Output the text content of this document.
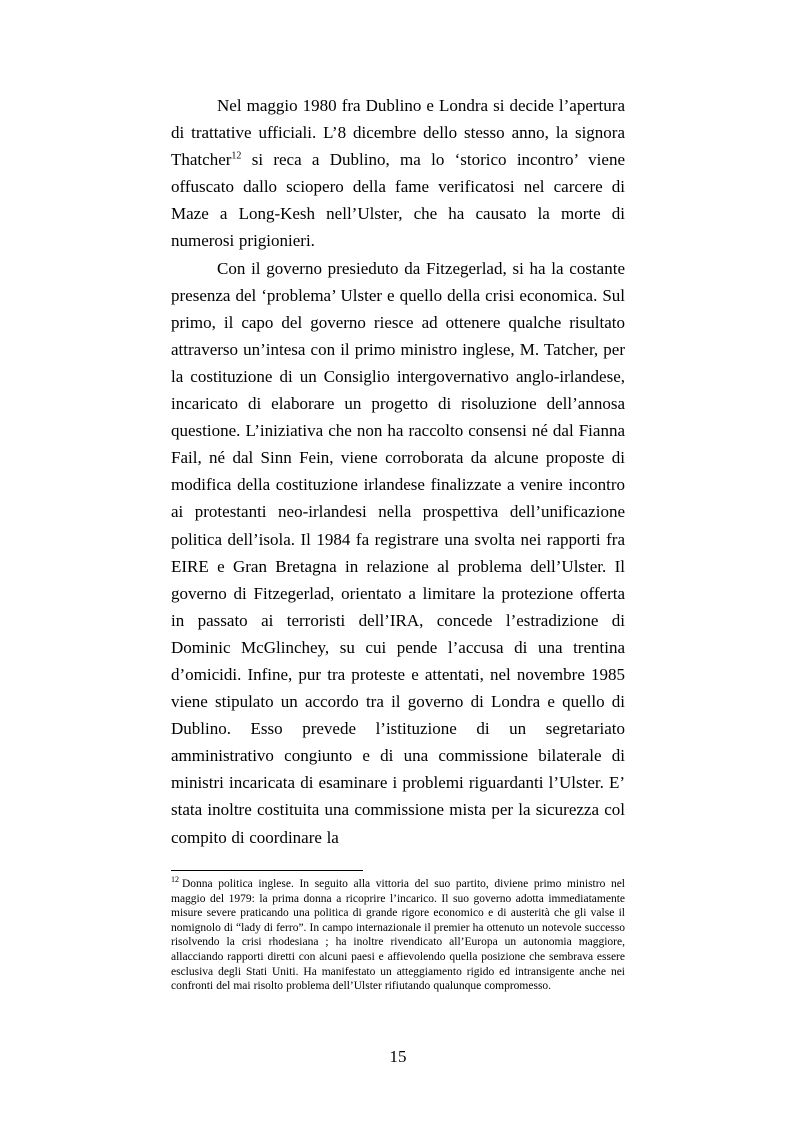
Nel maggio 1980 fra Dublino e Londra si decide l’apertura di trattative ufficiali. L’8 dicembre dello stesso anno, la signora Thatcher$^{12}$ si reca a Dublino, ma lo ‘storico incontro’ viene offuscato dallo sciopero della fame verificatosi nel carcere di Maze a Long-Kesh nell’Ulster, che ha causato la morte di numerosi prigionieri.

Con il governo presieduto da Fitzegerlad, si ha la costante presenza del ‘problema’ Ulster e quello della crisi economica. Sul primo, il capo del governo riesce ad ottenere qualche risultato attraverso un’intesa con il primo ministro inglese, M. Tatcher, per la costituzione di un Consiglio intergovernativo anglo-irlandese, incaricato di elaborare un progetto di risoluzione dell’annosa questione. L’iniziativa che non ha raccolto consensi né dal Fianna Fail, né dal Sinn Fein, viene corroborata da alcune proposte di modifica della costituzione irlandese finalizzate a venire incontro ai protestanti neo-irlandesi nella prospettiva dell’unificazione politica dell’isola. Il 1984 fa registrare una svolta nei rapporti fra EIRE e Gran Bretagna in relazione al problema dell’Ulster. Il governo di Fitzegerlad, orientato a limitare la protezione offerta in passato ai terroristi dell’IRA, concede l’estradizione di Dominic McGlinchey, su cui pende l’accusa di una trentina d’omicidi. Infine, pur tra proteste e attentati, nel novembre 1985 viene stipulato un accordo tra il governo di Londra e quello di Dublino. Esso prevede l’istituzione di un segretariato amministrativo congiunto e di una commissione bilaterale di ministri incaricata di esaminare i problemi riguardanti l’Ulster. E’ stata inoltre costituita una commissione mista per la sicurezza col compito di coordinare la

$^{12}$ Donna politica inglese. In seguito alla vittoria del suo partito, diviene primo ministro nel maggio del 1979: la prima donna a ricoprire l’incarico. Il suo governo adotta immediatamente misure severe praticando una politica di grande rigore economico e di austerità che gli valse il nomignolo di “lady di ferro”. In campo internazionale il premier ha ottenuto un notevole successo risolvendo la crisi rhodesiana ; ha inoltre rivendicato all’Europa un autonomia maggiore, allacciando rapporti diretti con alcuni paesi e affievolendo quella posizione che sembrava essere esclusiva degli Stati Uniti. Ha manifestato un atteggiamento rigido ed intransigente anche nei confronti del mai risolto problema dell’Ulster rifiutando qualunque compromesso.
15
